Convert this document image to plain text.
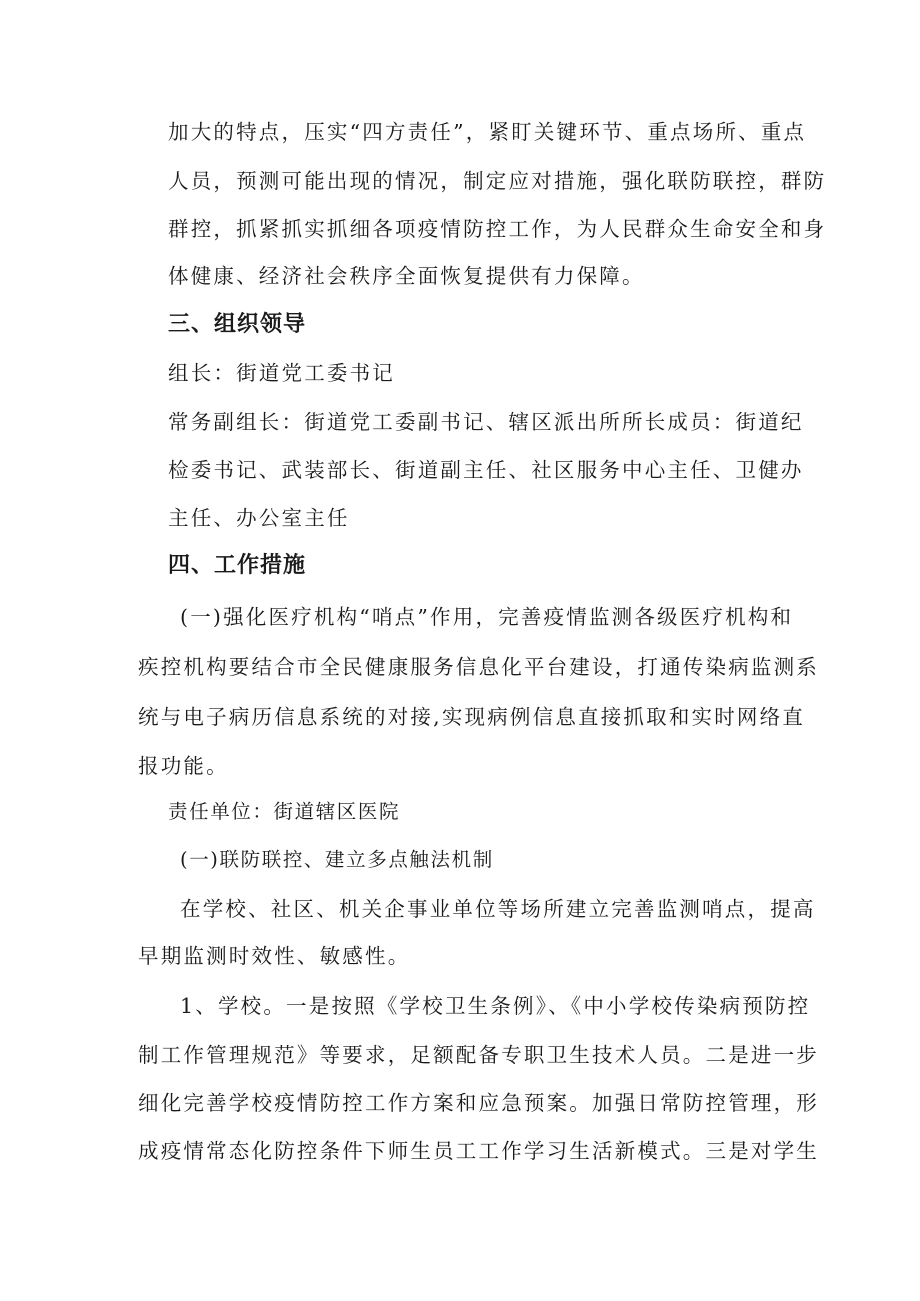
加大的特点，压实“四方责任”，紧盯关键环节、重点场所、重点
人员，预测可能出现的情况，制定应对措施，强化联防联控，群防
群控，抓紧抓实抓细各项疫情防控工作，为人民群众生命安全和身
体健康、经济社会秩序全面恢复提供有力保障。
三、组织领导
组长：街道党工委书记
常务副组长：街道党工委副书记、辖区派出所所长成员：街道纪
检委书记、武装部长、街道副主任、社区服务中心主任、卫健办
主任、办公室主任
四、工作措施
(一)强化医疗机构“哨点”作用，完善疫情监测各级医疗机构和
疾控机构要结合市全民健康服务信息化平台建设，打通传染病监测系
统与电子病历信息系统的对接,实现病例信息直接抓取和实时网络直
报功能。
责任单位：街道辖区医院
(一)联防联控、建立多点触法机制
在学校、社区、机关企事业单位等场所建立完善监测哨点，提高
早期监测时效性、敏感性。
1、学校。一是按照《学校卫生条例》、《中小学校传染病预防控
制工作管理规范》等要求，足额配备专职卫生技术人员。二是进一步
细化完善学校疫情防控工作方案和应急预案。加强日常防控管理，形
成疫情常态化防控条件下师生员工工作学习生活新模式。三是对学生
